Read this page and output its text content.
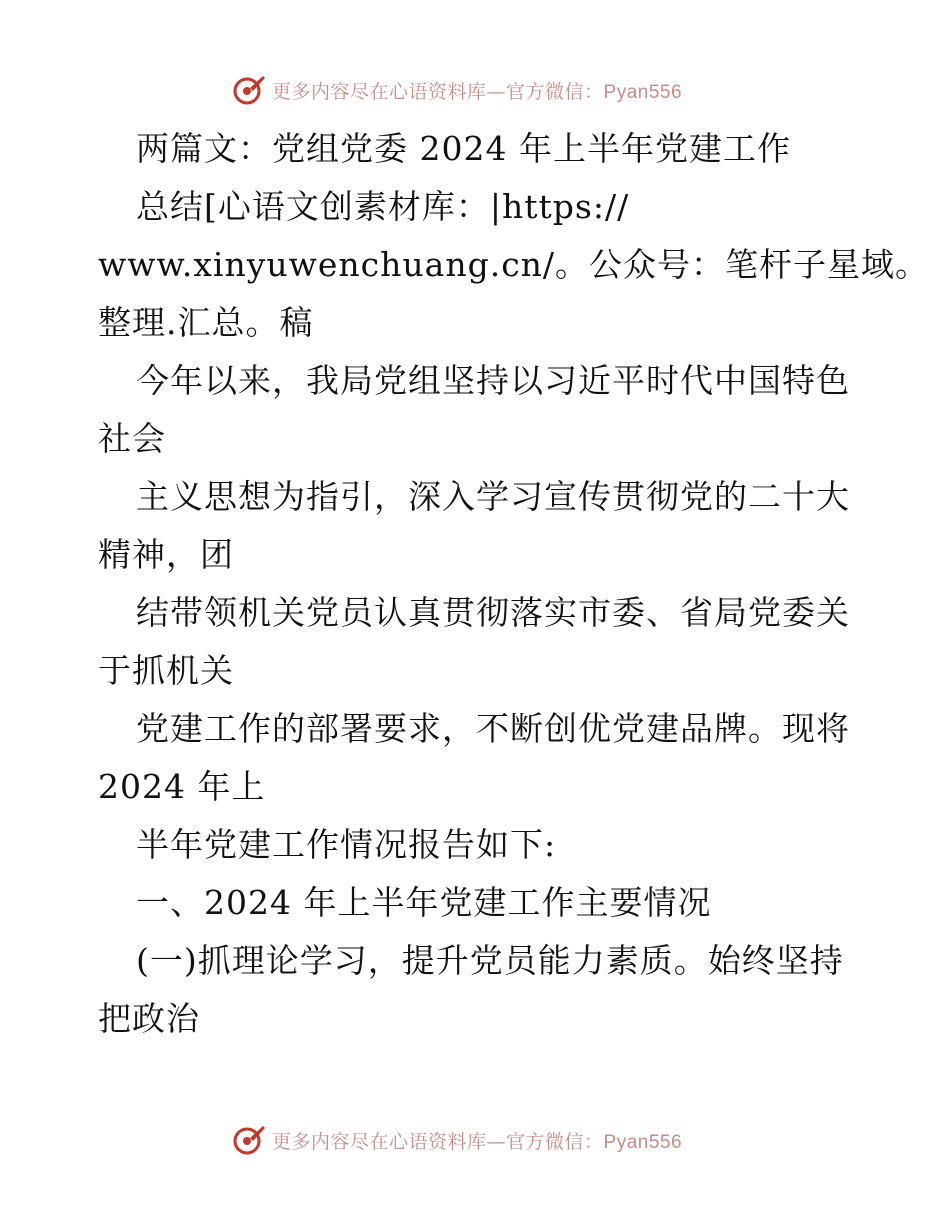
更多内容尽在心语资料库—官方微信：Pyan556
两篇文：党组党委 2024 年上半年党建工作
总结[心语文创素材库：|https://
www.xinyuwenchuang.cn/。公众号：笔杆子星域。
整理.汇总。稿
今年以来，我局党组坚持以习近平时代中国特色
社会
主义思想为指引，深入学习宣传贯彻党的二十大
精神，团
结带领机关党员认真贯彻落实市委、省局党委关
于抓机关
党建工作的部署要求，不断创优党建品牌。现将
2024 年上
半年党建工作情况报告如下:
一、2024 年上半年党建工作主要情况
(一)抓理论学习，提升党员能力素质。始终坚持
把政治
更多内容尽在心语资料库—官方微信：Pyan556
